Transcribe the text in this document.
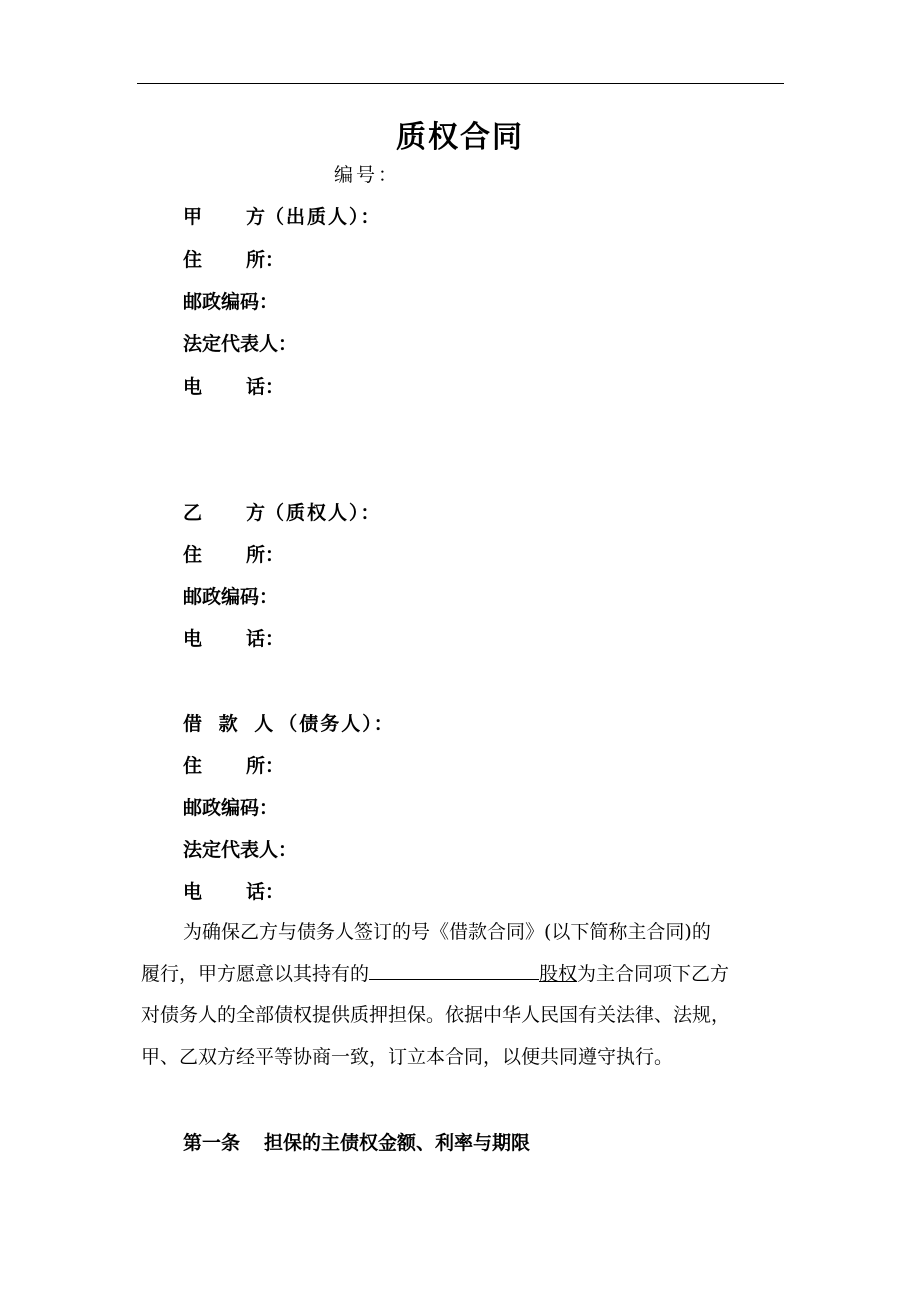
质权合同
编号：
甲方（出质人）：
住所：
邮政编码：
法定代表人：
电话：
乙方（质权人）：
住所：
邮政编码：
电话：
借 款 人（债务人）：
住所：
邮政编码：
法定代表人：
电话：

为确保乙方与债务人签订的号《借款合同》(以下简称主合同)的

履行，甲方愿意以其持有的	股权为主合同项下乙方

对债务人的全部债权提供质押担保。依据中华人民国有关法律、法规，

甲、乙双方经平等协商一致，订立本合同，以便共同遵守执行。

第一条 担保的主债权金额、利率与期限
